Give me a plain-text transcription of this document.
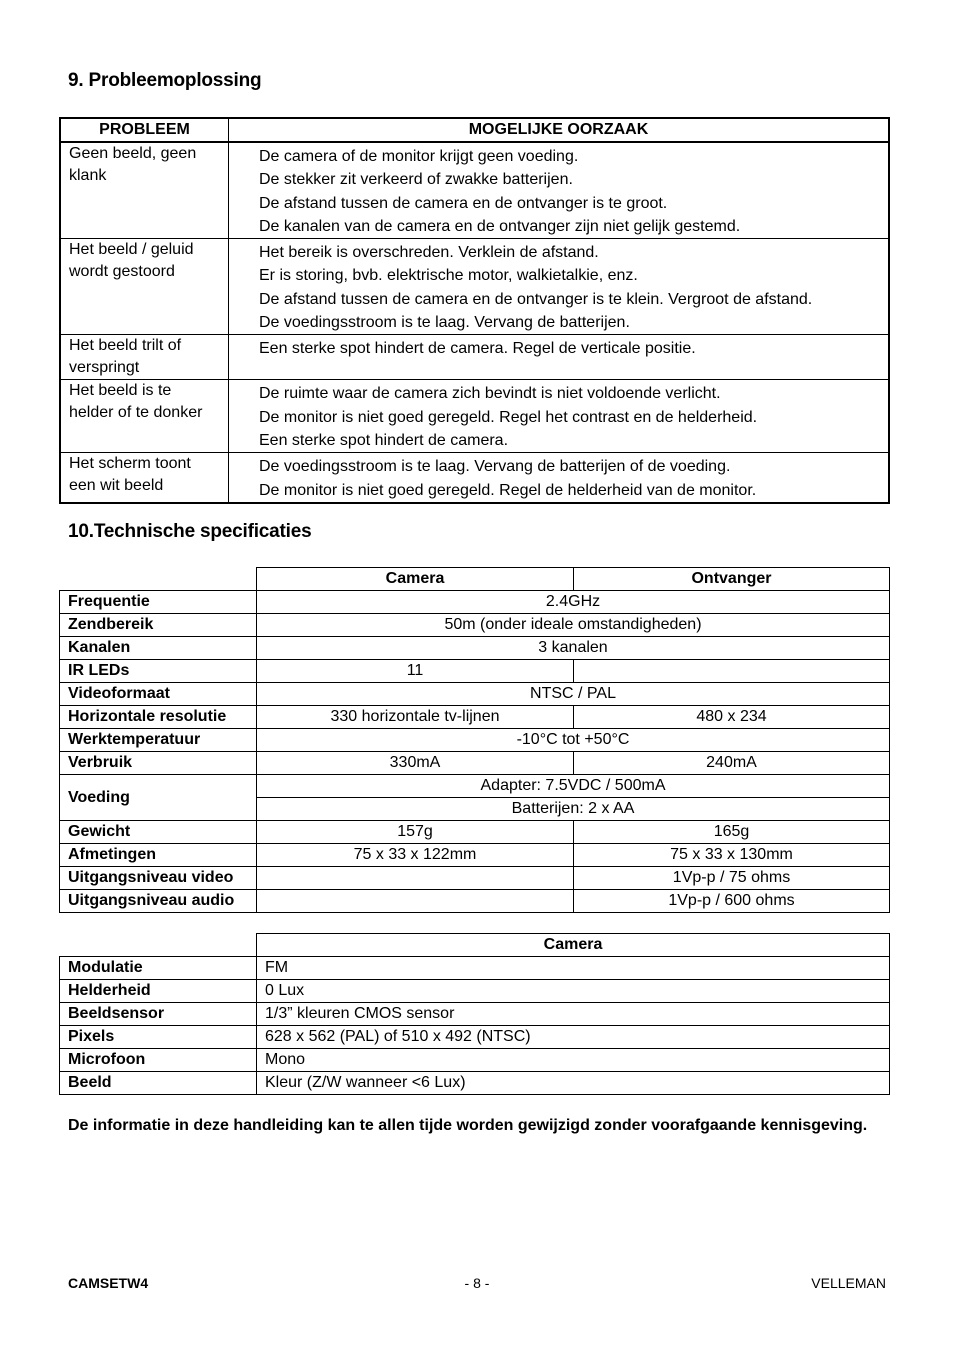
9. Probleemoplossing
PROBLEEM	MOGELIJKE OORZAAK
Geen beeld, geen klank	De camera of de monitor krijgt geen voeding.
De stekker zit verkeerd of zwakke batterijen.
De afstand tussen de camera en de ontvanger is te groot.
De kanalen van de camera en de ontvanger zijn niet gelijk gestemd.

Het beeld / geluid wordt gestoord	Het bereik is overschreden. Verklein de afstand.
Er is storing, bvb. elektrische motor, walkietalkie, enz.
De afstand tussen de camera en de ontvanger is te klein. Vergroot de afstand.
De voedingsstroom is te laag. Vervang de batterijen.

Het beeld trilt of verspringt	Een sterke spot hindert de camera. Regel de verticale positie.

Het beeld is te helder of te donker	De ruimte waar de camera zich bevindt is niet voldoende verlicht.
De monitor is niet goed geregeld. Regel het contrast en de helderheid.
Een sterke spot hindert de camera.

Het scherm toont een wit beeld	De voedingsstroom is te laag. Vervang de batterijen of de voeding.
De monitor is niet goed geregeld. Regel de helderheid van de monitor.
10.Technische specificaties
	Camera	Ontvanger
Frequentie	2.4GHz	
Zendbereik	50m (onder ideale omstandigheden)	
Kanalen	3 kanalen	
IR LEDs	11	
Videoformaat	NTSC / PAL	
Horizontale resolutie	330 horizontale tv-lijnen	480 x 234
Werktemperatuur	-10°C tot +50°C	
Verbruik	330mA	240mA
Voeding	Adapter: 7.5VDC / 500mA	
	Batterijen: 2 x AA	
Gewicht	157g	165g
Afmetingen	75 x 33 x 122mm	75 x 33 x 130mm
Uitgangsniveau video		1Vp-p / 75 ohms
Uitgangsniveau audio		1Vp-p / 600 ohms
	Camera
Modulatie	FM
Helderheid	0 Lux
Beeldsensor	1/3” kleuren CMOS sensor
Pixels	628 x 562 (PAL) of 510 x 492 (NTSC)
Microfoon	Mono
Beeld	Kleur (Z/W wanneer <6 Lux)
De informatie in deze handleiding kan te allen tijde worden gewijzigd zonder voorafgaande kennisgeving.
CAMSETW4	- 8 -	VELLEMAN
